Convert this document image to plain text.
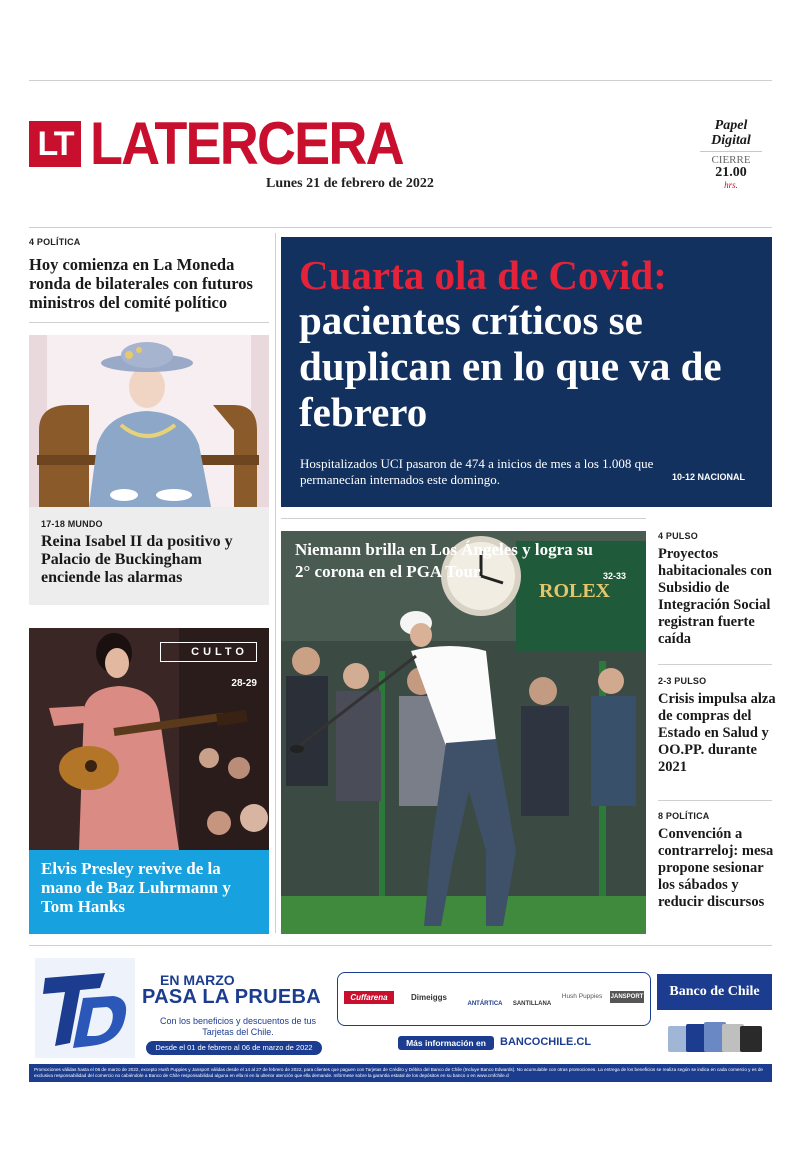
LT LATERCERA
Lunes 21 de febrero de 2022
Papel
Digital
CIERRE
21.00
hrs.
4 POLÍTICA
Hoy comienza en La Moneda ronda de bilaterales con futuros ministros del comité político
17-18 MUNDO
Reina Isabel II da positivo y Palacio de Buckingham enciende las alarmas
CULTO
28-29
Elvis Presley revive de la mano de Baz Luhrmann y Tom Hanks
Cuarta ola de Covid:
pacientes críticos se duplican en lo que va de febrero
Hospitalizados UCI pasaron de 474 a inicios de mes a los 1.008 que permanecían internados este domingo.	10-12 NACIONAL
ROLEX
Niemann brilla en Los Ángeles y logra su 2° corona en el PGA Tour	32-33
4 PULSO
Proyectos habitacionales con Subsidio de Integración Social registran fuerte caída
2-3 PULSO
Crisis impulsa alza de compras del Estado en Salud y OO.PP. durante 2021
8 POLÍTICA
Convención a contrarreloj: mesa propone sesionar los sábados y reducir discursos
EN MARZO
PASA LA PRUEBA
Con los beneficios y descuentos de tus Tarjetas del Chile.
Desde el 01 de febrero al 06 de marzo de 2022
Cuffarena	Dimeiggs
ANTÁRTICA	SANTILLANA
Hush Puppies	JANSPORT
Más información en	BANCOCHILE.CL
Banco de Chile
Promociones válidas hasta el 06 de marzo de 2022, excepto Hush Puppies y Jansport válidas desde el 14 al 27 de febrero de 2022, para clientes que paguen con Tarjetas de Crédito y Débito del Banco de Chile (Incluye Banco Edwards). No acumulable con otras promociones. La entrega de los beneficios se realiza según se indica en cada comercio y es de exclusiva responsabilidad del comercio no cabiéndole a Banco de Chile responsabilidad alguna en ella ni en la ulterior atención que ella demande. Infórmese sobre la garantía estatal de los depósitos en su banco o en www.cmfchile.cl
